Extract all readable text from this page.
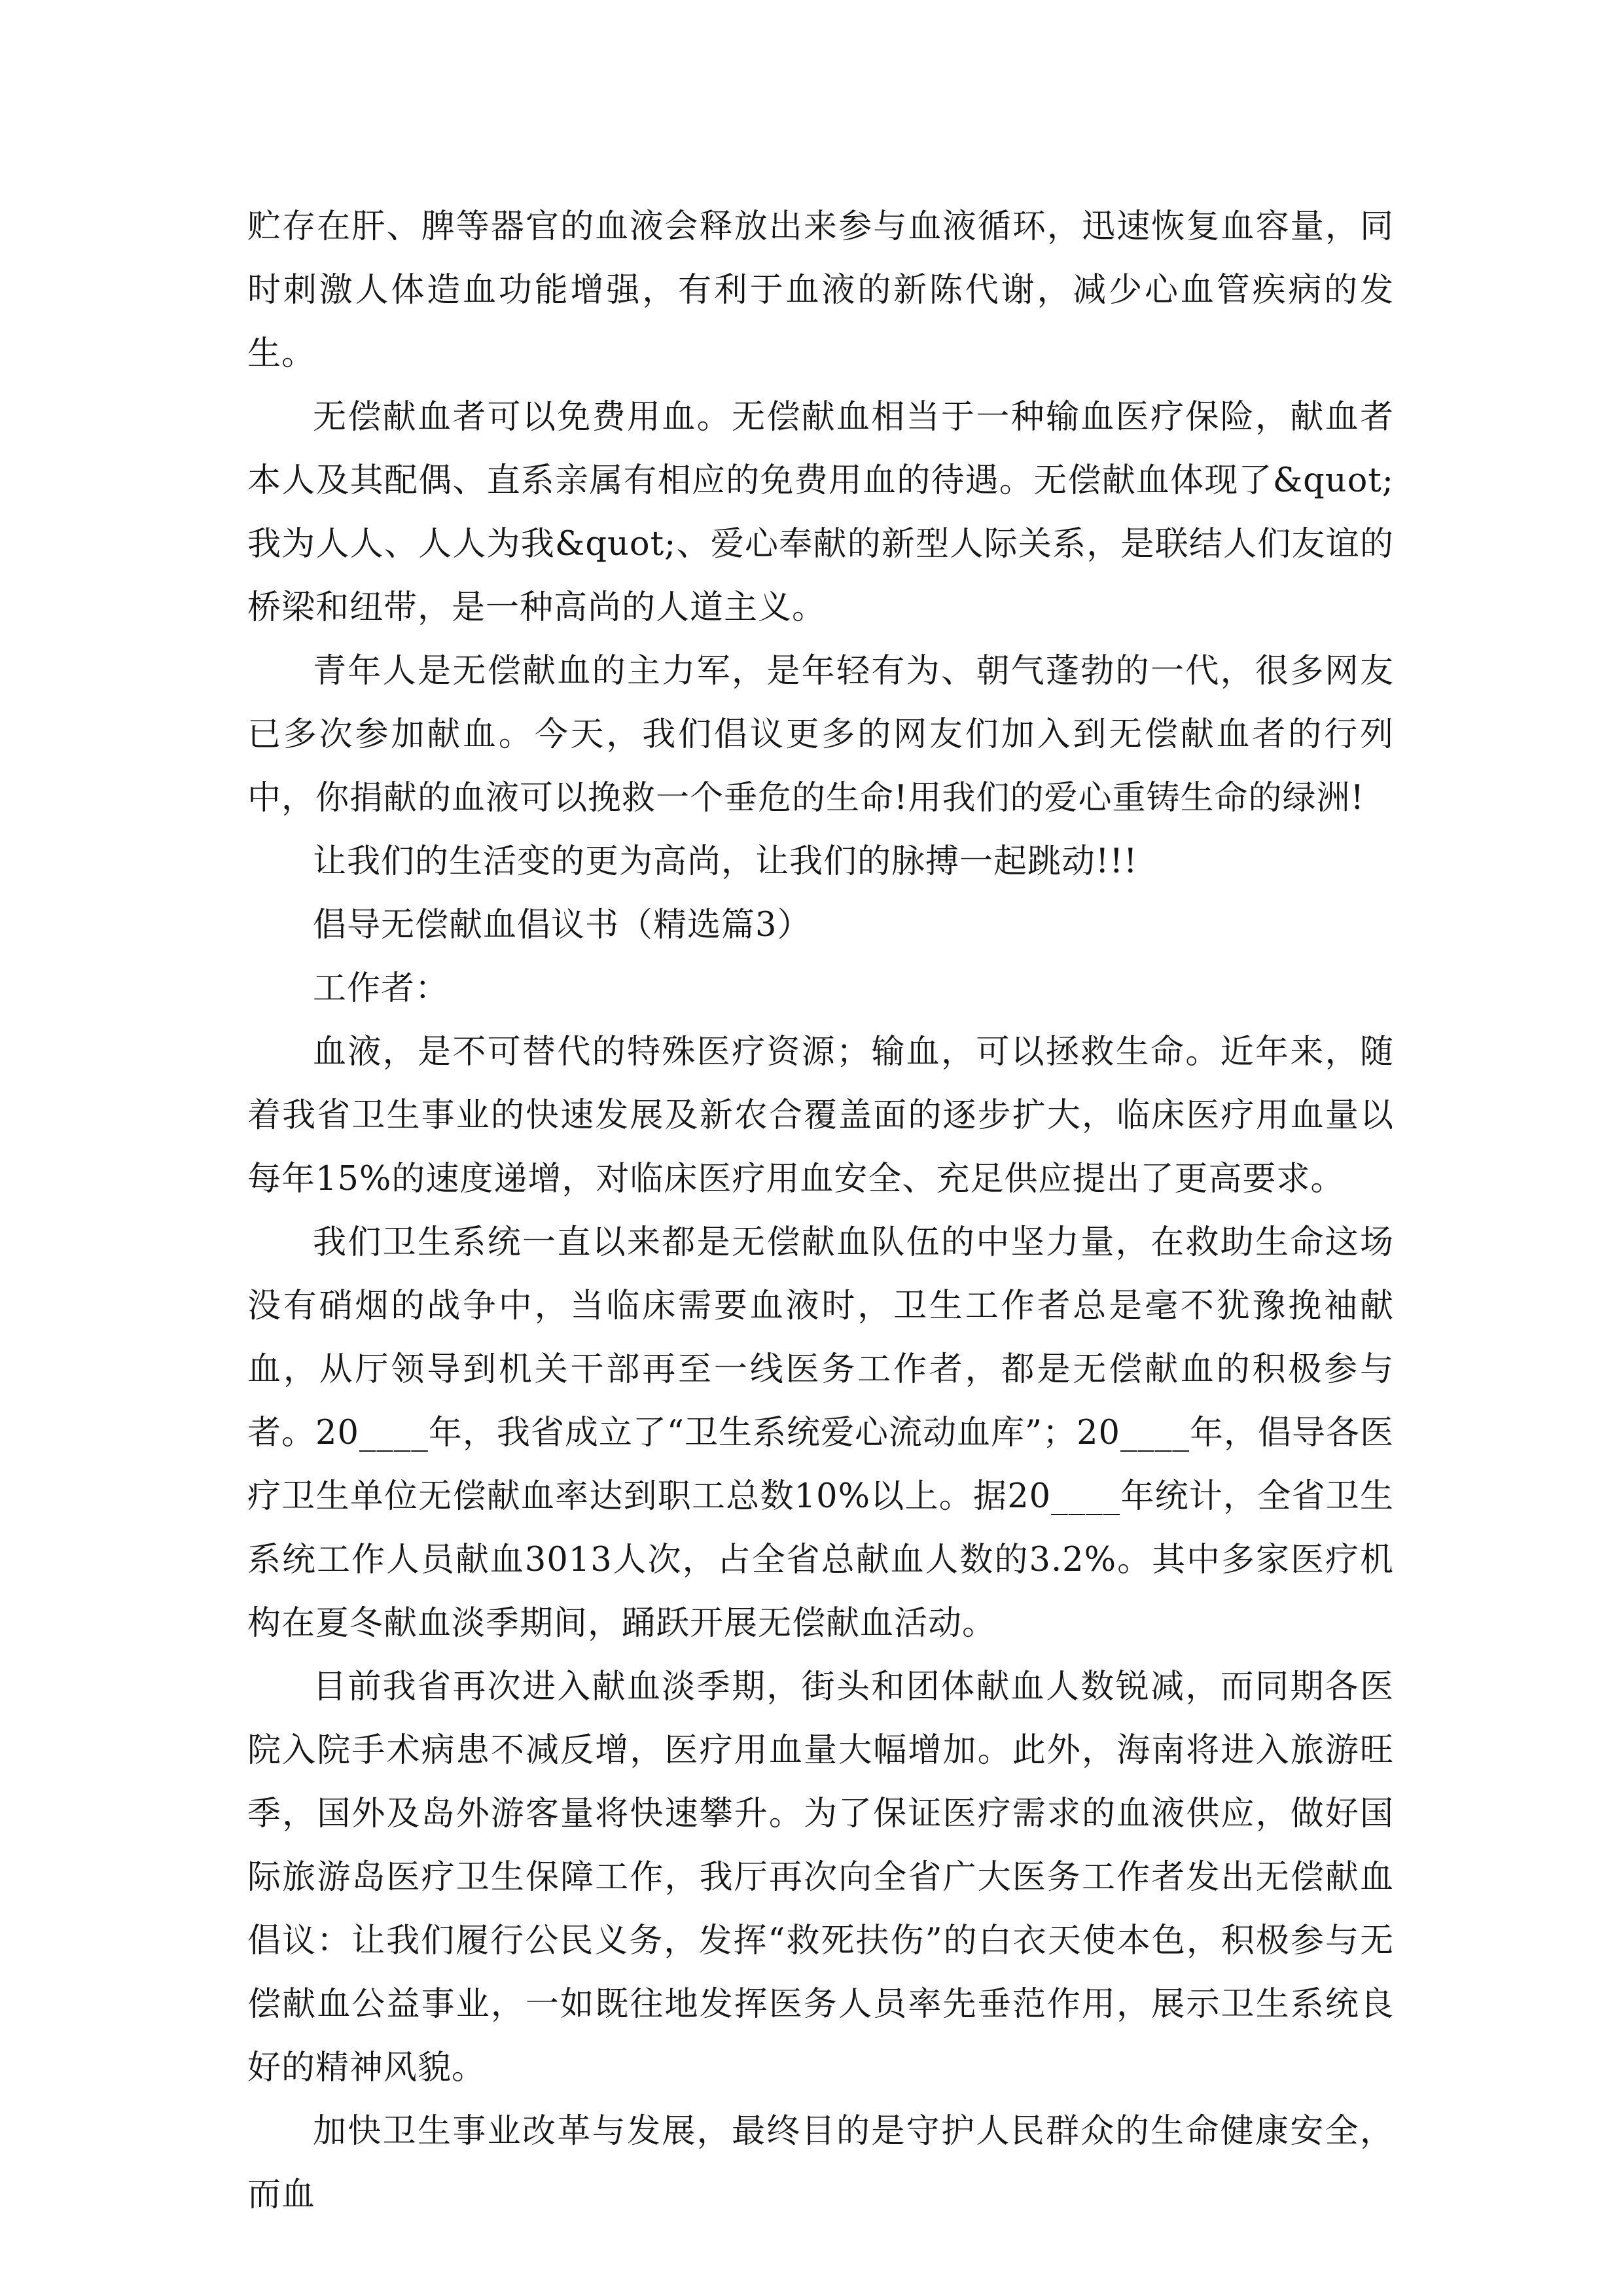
贮存在肝、脾等器官的血液会释放出来参与血液循环，迅速恢复血容量，同时刺激人体造血功能增强，有利于血液的新陈代谢，减少心血管疾病的发生。

无偿献血者可以免费用血。无偿献血相当于一种输血医疗保险，献血者本人及其配偶、直系亲属有相应的免费用血的待遇。无偿献血体现了&quot;我为人人、人人为我&quot;、爱心奉献的新型人际关系，是联结人们友谊的桥梁和纽带，是一种高尚的人道主义。

青年人是无偿献血的主力军，是年轻有为、朝气蓬勃的一代，很多网友已多次参加献血。今天，我们倡议更多的网友们加入到无偿献血者的行列中，你捐献的血液可以挽救一个垂危的生命!用我们的爱心重铸生命的绿洲!

让我们的生活变的更为高尚，让我们的脉搏一起跳动!!!

倡导无偿献血倡议书（精选篇3）

工作者：

血液，是不可替代的特殊医疗资源；输血，可以拯救生命。近年来，随着我省卫生事业的快速发展及新农合覆盖面的逐步扩大，临床医疗用血量以每年15%的速度递增，对临床医疗用血安全、充足供应提出了更高要求。

我们卫生系统一直以来都是无偿献血队伍的中坚力量，在救助生命这场没有硝烟的战争中，当临床需要血液时，卫生工作者总是毫不犹豫挽袖献血，从厅领导到机关干部再至一线医务工作者，都是无偿献血的积极参与者。20____年，我省成立了“卫生系统爱心流动血库”；20____年，倡导各医疗卫生单位无偿献血率达到职工总数10%以上。据20____年统计，全省卫生系统工作人员献血3013人次，占全省总献血人数的3.2%。其中多家医疗机构在夏冬献血淡季期间，踊跃开展无偿献血活动。

目前我省再次进入献血淡季期，街头和团体献血人数锐减，而同期各医院入院手术病患不减反增，医疗用血量大幅增加。此外，海南将进入旅游旺季，国外及岛外游客量将快速攀升。为了保证医疗需求的血液供应，做好国际旅游岛医疗卫生保障工作，我厅再次向全省广大医务工作者发出无偿献血倡议：让我们履行公民义务，发挥“救死扶伤”的白衣天使本色，积极参与无偿献血公益事业，一如既往地发挥医务人员率先垂范作用，展示卫生系统良好的精神风貌。

加快卫生事业改革与发展，最终目的是守护人民群众的生命健康安全，而血
